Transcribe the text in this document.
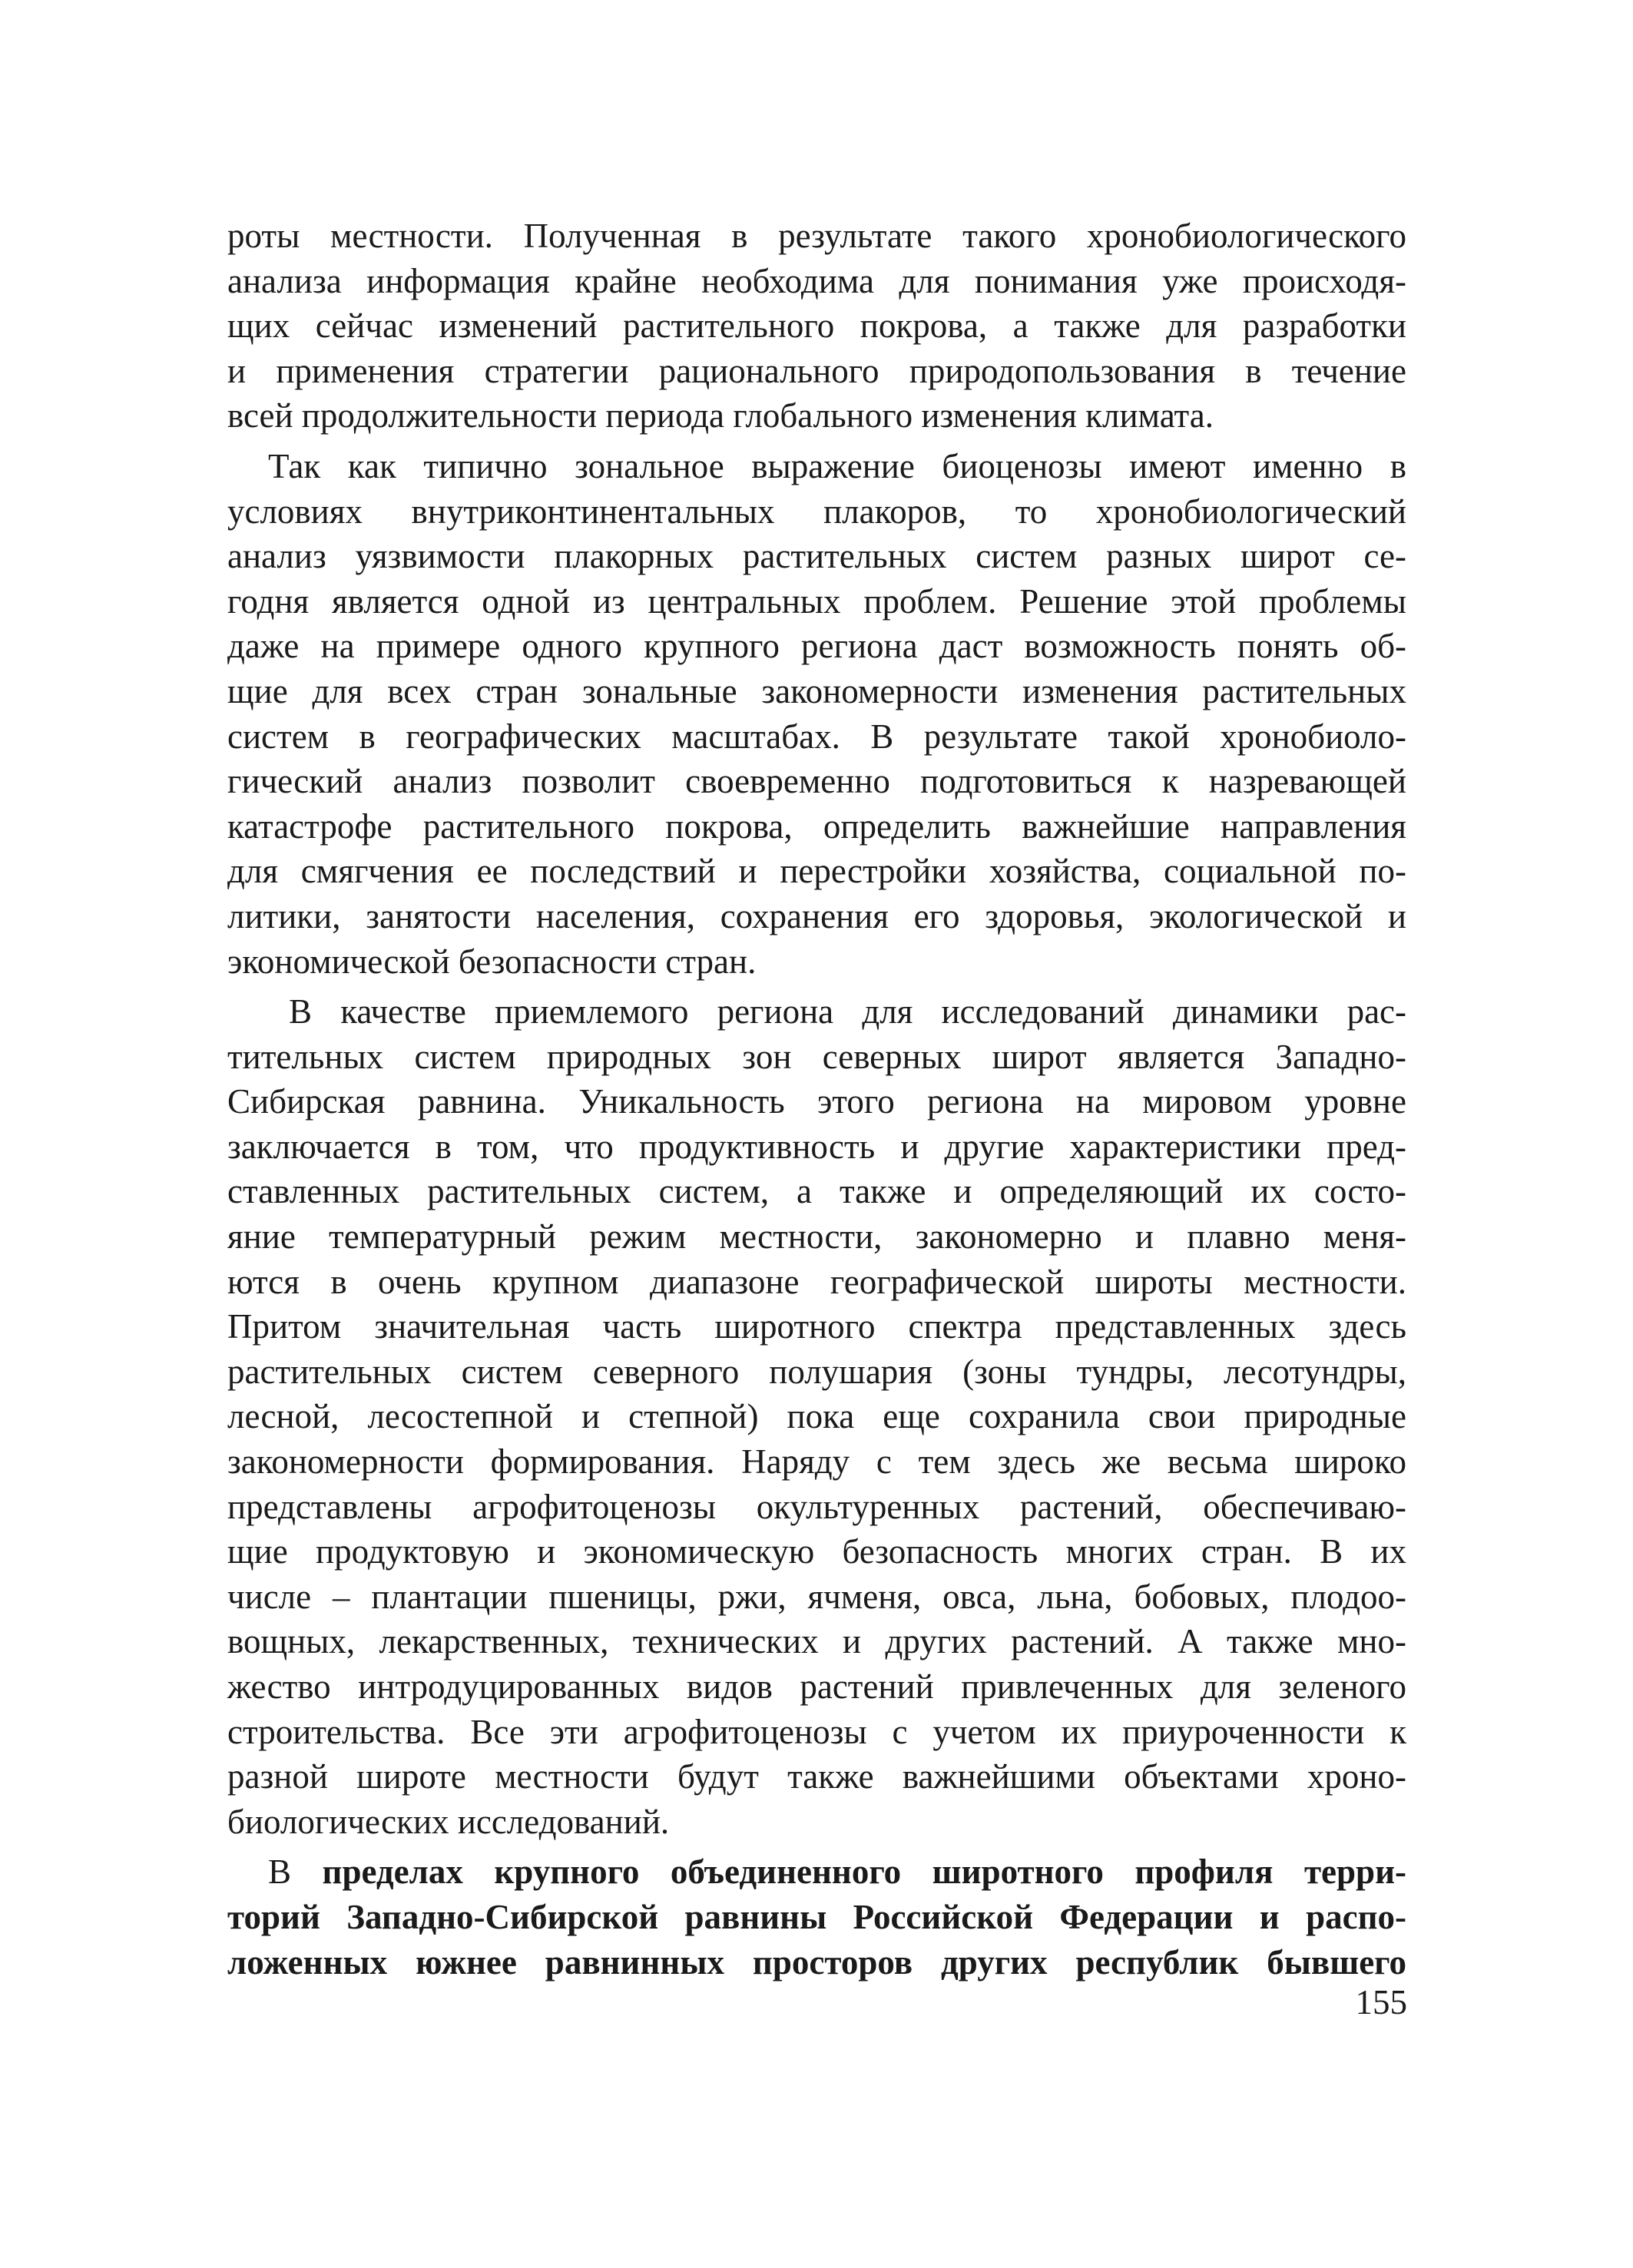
роты местности. Полученная в результате такого хронобиологического
анализа информация крайне необходима для понимания уже происходя-
щих сейчас изменений растительного покрова, а также для разработки
и применения стратегии рационального природопользования в течение
всей продолжительности периода глобального изменения климата.
Так как типично зональное выражение биоценозы имеют именно в
условиях внутриконтинентальных плакоров, то хронобиологический
анализ уязвимости плакорных растительных систем разных широт се-
годня является одной из центральных проблем. Решение этой проблемы
даже на примере одного крупного региона даст возможность понять об-
щие для всех стран зональные закономерности изменения растительных
систем в географических масштабах. В результате такой хронобиоло-
гический анализ позволит своевременно подготовиться к назревающей
катастрофе растительного покрова, определить важнейшие направления
для смягчения ее последствий и перестройки хозяйства, социальной по-
литики, занятости населения, сохранения его здоровья, экологической и
экономической безопасности стран.
В качестве приемлемого региона для исследований динамики рас-
тительных систем природных зон северных широт является Западно-
Сибирская равнина. Уникальность этого региона на мировом уровне
заключается в том, что продуктивность и другие характеристики пред-
ставленных растительных систем, а также и определяющий их состо-
яние температурный режим местности, закономерно и плавно меня-
ются в очень крупном диапазоне географической широты местности.
Притом значительная часть широтного спектра представленных здесь
растительных систем северного полушария (зоны тундры, лесотундры,
лесной, лесостепной и степной) пока еще сохранила свои природные
закономерности формирования. Наряду с тем здесь же весьма широко
представлены агрофитоценозы окультуренных растений, обеспечиваю-
щие продуктовую и экономическую безопасность многих стран. В их
числе – плантации пшеницы, ржи, ячменя, овса, льна, бобовых, плодоо-
вощных, лекарственных, технических и других растений. А также мно-
жество интродуцированных видов растений привлеченных для зеленого
строительства. Все эти агрофитоценозы с учетом их приуроченности к
разной широте местности будут также важнейшими объектами хроно-
биологических исследований.
В пределах крупного объединенного широтного профиля терри-
торий Западно-Сибирской равнины Российской Федерации и распо-
ложенных южнее равнинных просторов других республик бывшего
155
